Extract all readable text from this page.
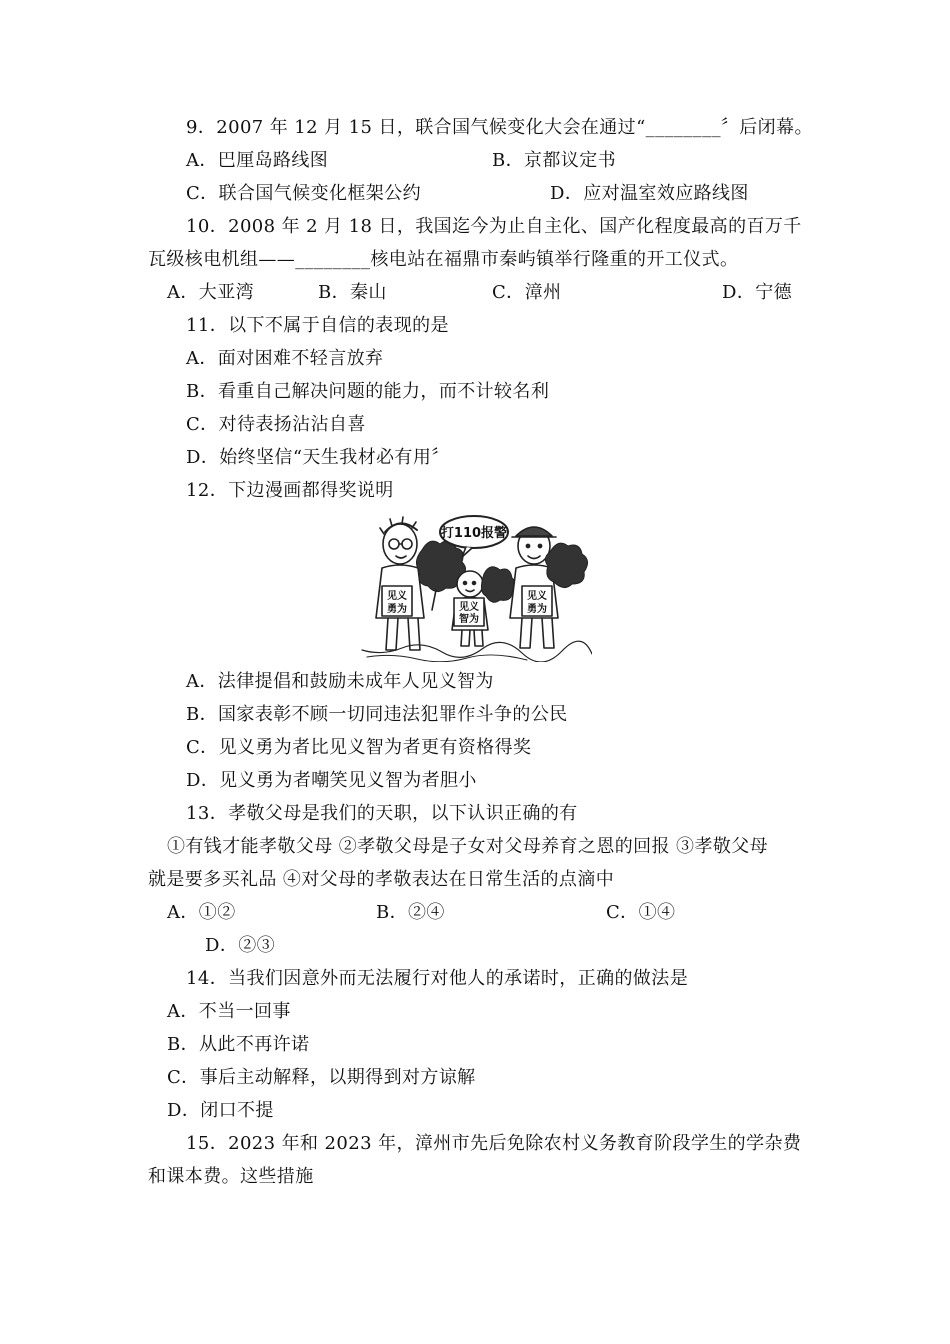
9．2007 年 12 月 15 日，联合国气候变化大会在通过“________〞后闭幕。
A．巴厘岛路线图	B．京都议定书
C．联合国气候变化框架公约	D．应对温室效应路线图
10．2008 年 2 月 18 日，我国迄今为止自主化、国产化程度最高的百万千
瓦级核电机组——________核电站在福鼎市秦屿镇举行隆重的开工仪式。
A．大亚湾	B．秦山	C．漳州	D．宁德
11．以下不属于自信的表现的是
A．面对困难不轻言放弃
B．看重自己解决问题的能力，而不计较名利
C．对待表扬沾沾自喜
D．始终坚信“天生我材必有用〞
12．下边漫画都得奖说明
打110报警
见义
勇为	见义
智为
见义
勇为
A．法律提倡和鼓励未成年人见义智为
B．国家表彰不顾一切同违法犯罪作斗争的公民
C．见义勇为者比见义智为者更有资格得奖
D．见义勇为者嘲笑见义智为者胆小
13．孝敬父母是我们的天职，以下认识正确的有
①有钱才能孝敬父母 ②孝敬父母是子女对父母养育之恩的回报 ③孝敬父母
就是要多买礼品 ④对父母的孝敬表达在日常生活的点滴中
A．①②	B．②④	C．①④
D．②③
14．当我们因意外而无法履行对他人的承诺时，正确的做法是
A．不当一回事
B．从此不再许诺
C．事后主动解释，以期得到对方谅解
D．闭口不提
15．2023 年和 2023 年，漳州市先后免除农村义务教育阶段学生的学杂费
和课本费。这些措施
